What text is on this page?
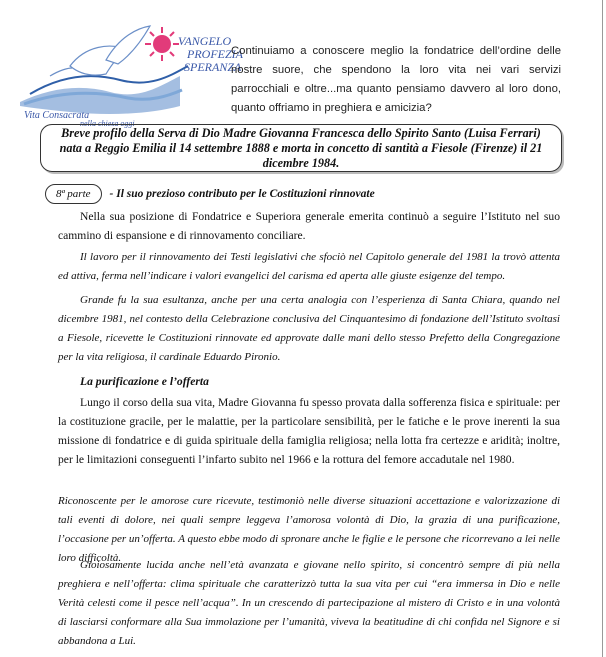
VANGELO
PROFEZIA
SPERANZA
Vita Consacrata
nella chiesa oggi
Continuiamo a conoscere meglio la fondatrice dell’ordine delle nostre suore, che spendono la loro vita nei vari servizi parrocchiali e oltre...ma quanto pensiamo davvero al loro dono, quanto offriamo in preghiera e amicizia?
Breve profilo della Serva di Dio Madre Giovanna Francesca dello Spirito Santo (Luisa Ferrari) nata a Reggio Emilia il 14 settembre 1888 e morta in concetto di santità a Fiesole (Firenze) il 21 dicembre 1984.
8ª parte - Il suo prezioso contributo per le Costituzioni rinnovate

Nella sua posizione di Fondatrice e Superiora generale emerita continuò a seguire l’Istituto nel suo cammino di espansione e di rinnovamento conciliare.

Il lavoro per il rinnovamento dei Testi legislativi che sfociò nel Capitolo generale del 1981 la trovò attenta ed attiva, ferma nell’indicare i valori evangelici del carisma ed aperta alle giuste esigenze del tempo.

Grande fu la sua esultanza, anche per una certa analogia con l’esperienza di Santa Chiara, quando nel dicembre 1981, nel contesto della Celebrazione conclusiva del Cinquantesimo di fondazione dell’Istituto svoltasi a Fiesole, ricevette le Costituzioni rinnovate ed approvate dalle mani dello stesso Prefetto della Congregazione per la vita religiosa, il cardinale Eduardo Pironio.

La purificazione e l’offerta

Lungo il corso della sua vita, Madre Giovanna fu spesso provata dalla sofferenza fisica e spirituale: per la costituzione gracile, per le malattie, per la particolare sensibilità, per le fatiche e le prove inerenti la sua missione di fondatrice e di guida spirituale della famiglia religiosa; nella lotta fra certezze e aridità; inoltre, per le limitazioni conseguenti l’infarto subito nel 1966 e la rottura del femore accadutale nel 1980.

Riconoscente per le amorose cure ricevute, testimoniò nelle diverse situazioni accettazione e valorizzazione di tali eventi di dolore, nei quali sempre leggeva l’amorosa volontà di Dio, la grazia di una purificazione, l’occasione per un’offerta. A questo ebbe modo di spronare anche le figlie e le persone che ricorrevano a lei nelle loro difficoltà.

Gioiosamente lucida anche nell’età avanzata e giovane nello spirito, si concentrò sempre di più nella preghiera e nell’offerta: clima spirituale che caratterizzò tutta la sua vita per cui “era immersa in Dio e nelle Verità celesti come il pesce nell’acqua”. In un crescendo di partecipazione al mistero di Cristo e in una volontà di lasciarsi conformare alla Sua immolazione per l’umanità, viveva la beatitudine di chi confida nel Signore e si abbandona a Lui.
